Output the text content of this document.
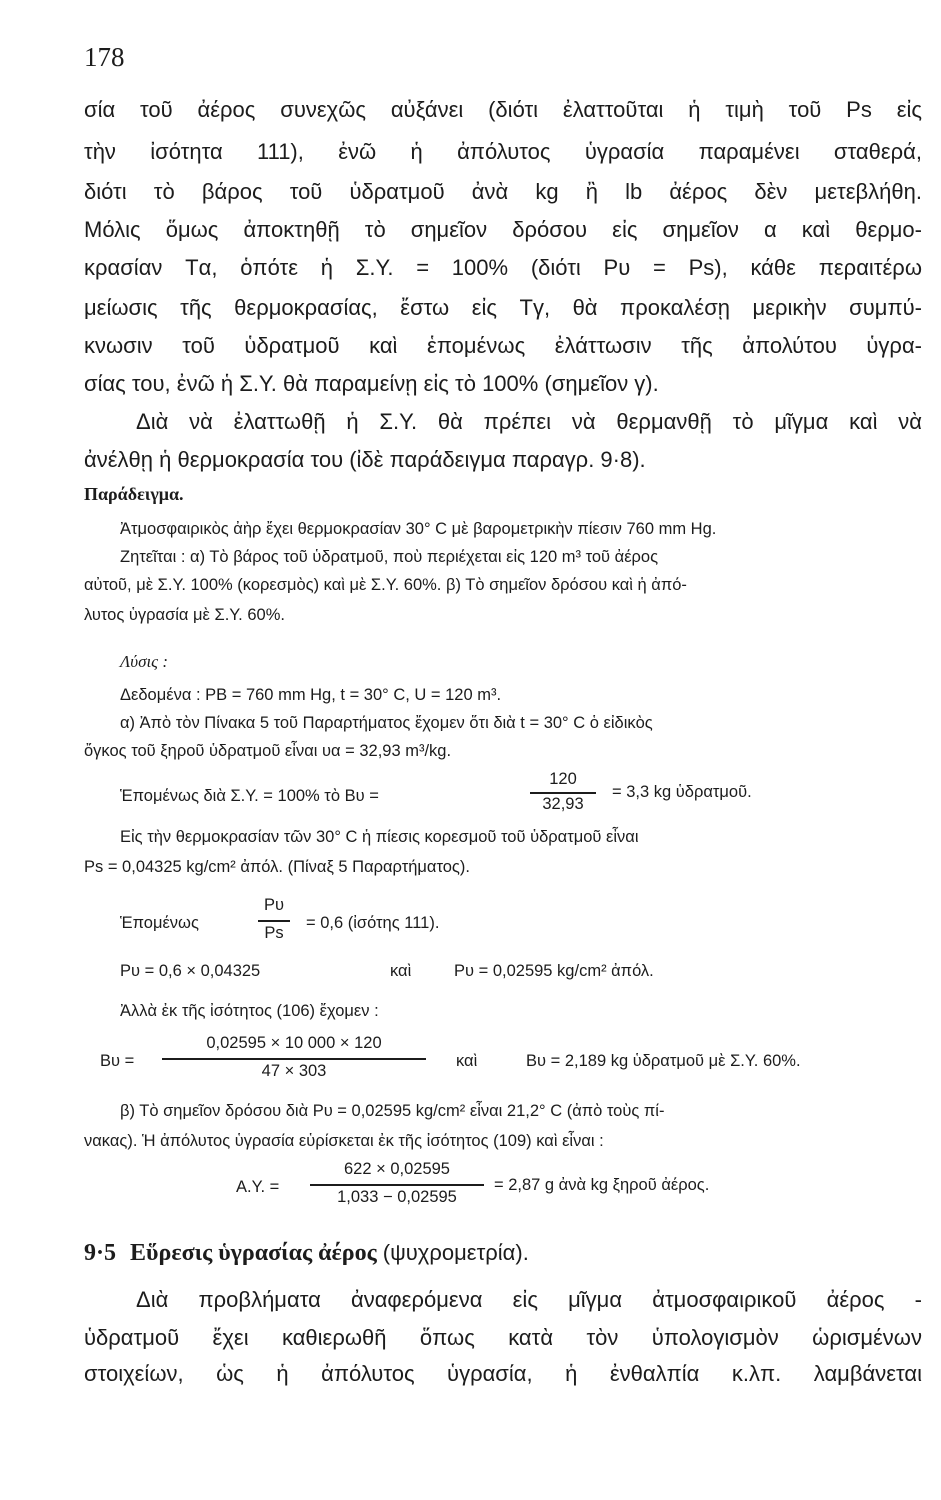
178
σία τοῦ ἀέρος συνεχῶς αὐξάνει (διότι ἐλαττοῦται ἡ τιμὴ τοῦ Ps εἰς
τὴν ἰσότητα 111), ἐνῶ ἡ ἀπόλυτος ὑγρασία παραμένει σταθερά,
διότι τὸ βάρος τοῦ ὑδρατμοῦ ἀνὰ kg ἢ lb ἀέρος δὲν μετεβλήθη.
Μόλις ὅμως ἀποκτηθῇ τὸ σημεῖον δρόσου εἰς σημεῖον α καὶ θερμο-
κρασίαν Tα, ὁπότε ἡ Σ.Υ. = 100% (διότι Pυ = Ps), κάθε περαιτέρω
μείωσις τῆς θερμοκρασίας, ἔστω εἰς Tγ, θὰ προκαλέσῃ μερικὴν συμπύ-
κνωσιν τοῦ ὑδρατμοῦ καὶ ἑπομένως ἐλάττωσιν τῆς ἀπολύτου ὑγρα-
σίας του, ἐνῶ ἡ Σ.Υ. θὰ παραμείνῃ εἰς τὸ 100% (σημεῖον γ).
Διὰ νὰ ἐλαττωθῇ ἡ Σ.Υ. θὰ πρέπει νὰ θερμανθῇ τὸ μῖγμα καὶ νὰ
ἀνέλθῃ ἡ θερμοκρασία του (ἰδὲ παράδειγμα παραγρ. 9·8).
Παράδειγμα.
Ἀτμοσφαιρικὸς ἀὴρ ἔχει θερμοκρασίαν 30° C μὲ βαρομετρικὴν πίεσιν 760 mm Hg.
Ζητεῖται : α) Τὸ βάρος τοῦ ὑδρατμοῦ, ποὺ περιέχεται εἰς 120 m³ τοῦ ἀέρος
αὐτοῦ, μὲ Σ.Υ. 100% (κορεσμὸς) καὶ μὲ Σ.Υ. 60%. β) Τὸ σημεῖον δρόσου καὶ ἡ ἀπό-
λυτος ὑγρασία μὲ Σ.Υ. 60%.
Λύσις :
Δεδομένα : PB = 760 mm Hg, t = 30° C, U = 120 m³.
α) Ἀπὸ τὸν Πίνακα 5 τοῦ Παραρτήματος ἔχομεν ὅτι διὰ t = 30° C ὁ εἰδικὸς
ὄγκος τοῦ ξηροῦ ὑδρατμοῦ εἶναι υα = 32,93 m³/kg.
Ἑπομένως διὰ Σ.Υ. = 100% τὸ Bυ =
120
32,93
= 3,3 kg ὑδρατμοῦ.
Εἰς τὴν θερμοκρασίαν τῶν 30° C ἡ πίεσις κορεσμοῦ τοῦ ὑδρατμοῦ εἶναι
Ps = 0,04325 kg/cm² ἀπόλ. (Πίναξ 5 Παραρτήματος).
Ἑπομένως
Pυ
Ps
= 0,6 (ἰσότης 111).
Pυ = 0,6 × 0,04325	καὶ	Pυ = 0,02595 kg/cm² ἀπόλ.
Ἀλλὰ ἐκ τῆς ἰσότητος (106) ἔχομεν :
Bυ =
0,02595 × 10 000 × 120
47 × 303
καὶ	Bυ = 2,189 kg ὑδρατμοῦ μὲ Σ.Υ. 60%.
β) Τὸ σημεῖον δρόσου διὰ Pυ = 0,02595 kg/cm² εἶναι 21,2° C (ἀπὸ τοὺς πί-
νακας). Ἡ ἀπόλυτος ὑγρασία εὑρίσκεται ἐκ τῆς ἰσότητος (109) καὶ εἶναι :
A.Y. =
622 × 0,02595
1,033 − 0,02595
= 2,87 g ἀνὰ kg ξηροῦ ἀέρος.
9·5 Εὕρεσις ὑγρασίας ἀέρος (ψυχρομετρία).
Διὰ προβλήματα ἀναφερόμενα εἰς μῖγμα ἀτμοσφαιρικοῦ ἀέρος -
ὑδρατμοῦ ἔχει καθιερωθῆ ὅπως κατὰ τὸν ὑπολογισμὸν ὡρισμένων
στοιχείων, ὡς ἡ ἀπόλυτος ὑγρασία, ἡ ἐνθαλπία κ.λπ. λαμβάνεται
